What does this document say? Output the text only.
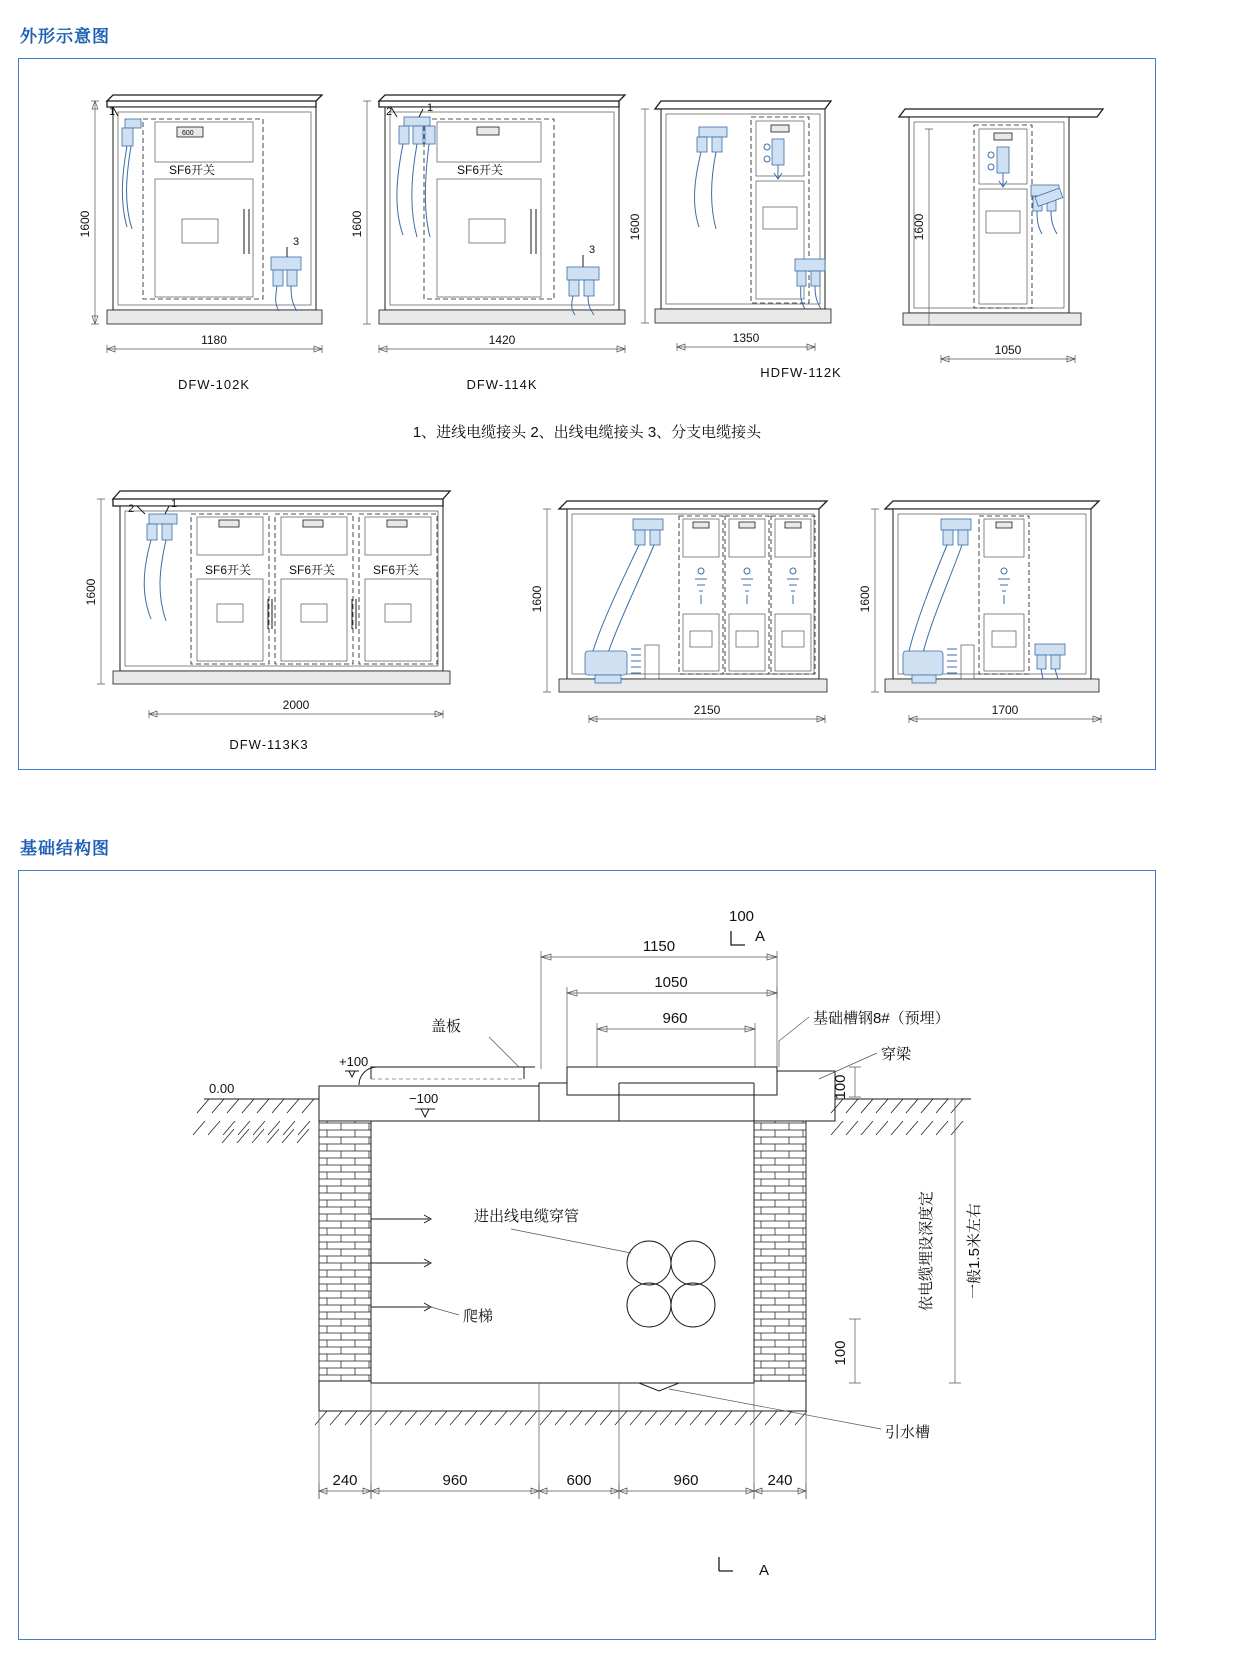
外形示意图
600
SF6开关
1
3
1600
1180
DFW-102K
SF6开关
2	1
3
1600
1420
DFW-114K
1600
1350
HDFW-112K
1600
1050
1、进线电缆接头 2、出线电缆接头 3、分支电缆接头
SF6开关	SF6开关	SF6开关
2	1
1600
2000
DFW-113K3
1600
2150
1600
1700
基础结构图
+100
0.00
−100
盖板	基础槽钢8#（预埋）
穿梁
进出线电缆穿管
爬梯
引水槽
1150
1050
960
100
100
A
A
100
依电缆埋设深度定 一般1.5米左右
240	960	600	960	240
